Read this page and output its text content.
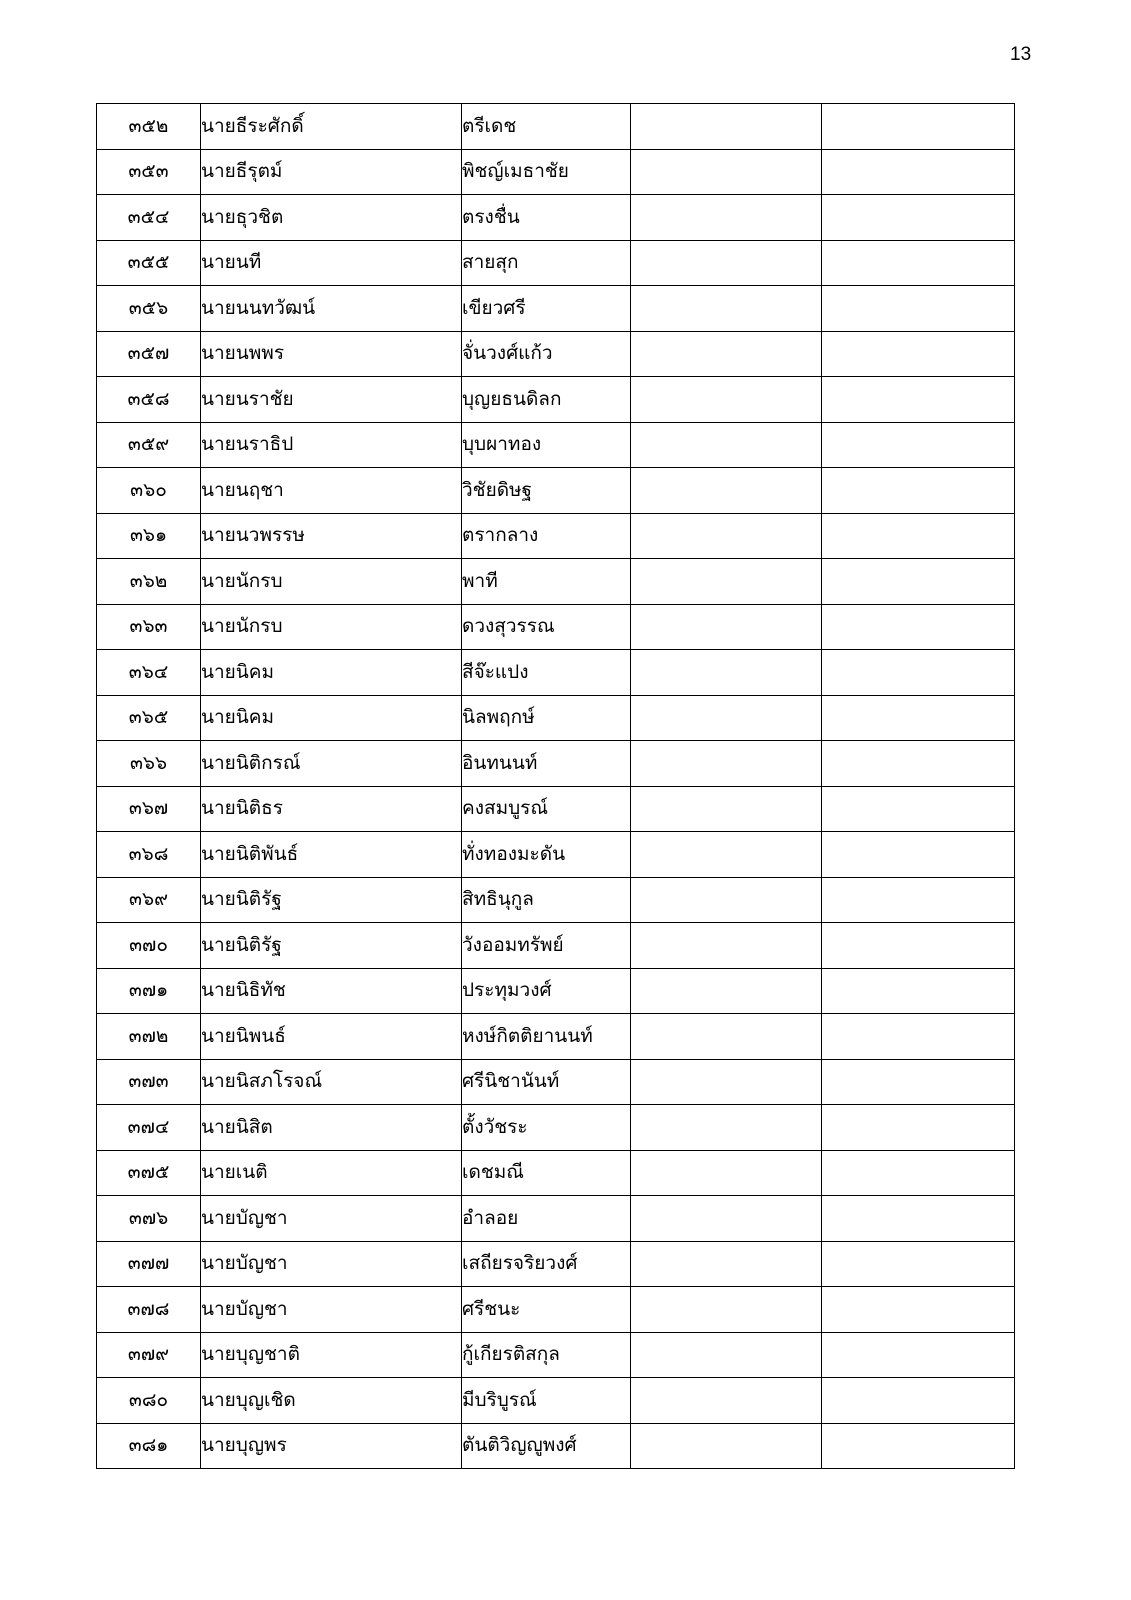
13
๓๕๒	นายธีระศักดิ์	ตรีเดช		
๓๕๓	นายธีรุตม์	พิชญ์เมธาชัย		
๓๕๔	นายธุวชิต	ตรงชื่น		
๓๕๕	นายนที	สายสุก		
๓๕๖	นายนนทวัฒน์	เขียวศรี		
๓๕๗	นายนพพร	จั่นวงศ์แก้ว		
๓๕๘	นายนราชัย	บุญยธนดิลก		
๓๕๙	นายนราธิป	บุบผาทอง		
๓๖๐	นายนฤชา	วิชัยดิษฐ		
๓๖๑	นายนวพรรษ	ตรากลาง		
๓๖๒	นายนักรบ	พาที		
๓๖๓	นายนักรบ	ดวงสุวรรณ		
๓๖๔	นายนิคม	สีจ๊ะแปง		
๓๖๕	นายนิคม	นิลพฤกษ์		
๓๖๖	นายนิติกรณ์	อินทนนท์		
๓๖๗	นายนิติธร	คงสมบูรณ์		
๓๖๘	นายนิติพันธ์	ทั่งทองมะดัน		
๓๖๙	นายนิติรัฐ	สิทธินุกูล		
๓๗๐	นายนิติรัฐ	วังออมทรัพย์		
๓๗๑	นายนิธิทัช	ประทุมวงศ์		
๓๗๒	นายนิพนธ์	หงษ์กิตติยานนท์		
๓๗๓	นายนิสภโรจณ์	ศรีนิชานันท์		
๓๗๔	นายนิสิต	ตั้งวัชระ		
๓๗๕	นายเนติ	เดชมณี		
๓๗๖	นายบัญชา	อำลอย		
๓๗๗	นายบัญชา	เสถียรจริยวงศ์		
๓๗๘	นายบัญชา	ศรีชนะ		
๓๗๙	นายบุญชาติ	กู้เกียรติสกุล		
๓๘๐	นายบุญเชิด	มีบริบูรณ์		
๓๘๑	นายบุญพร	ตันติวิญญูพงศ์		
